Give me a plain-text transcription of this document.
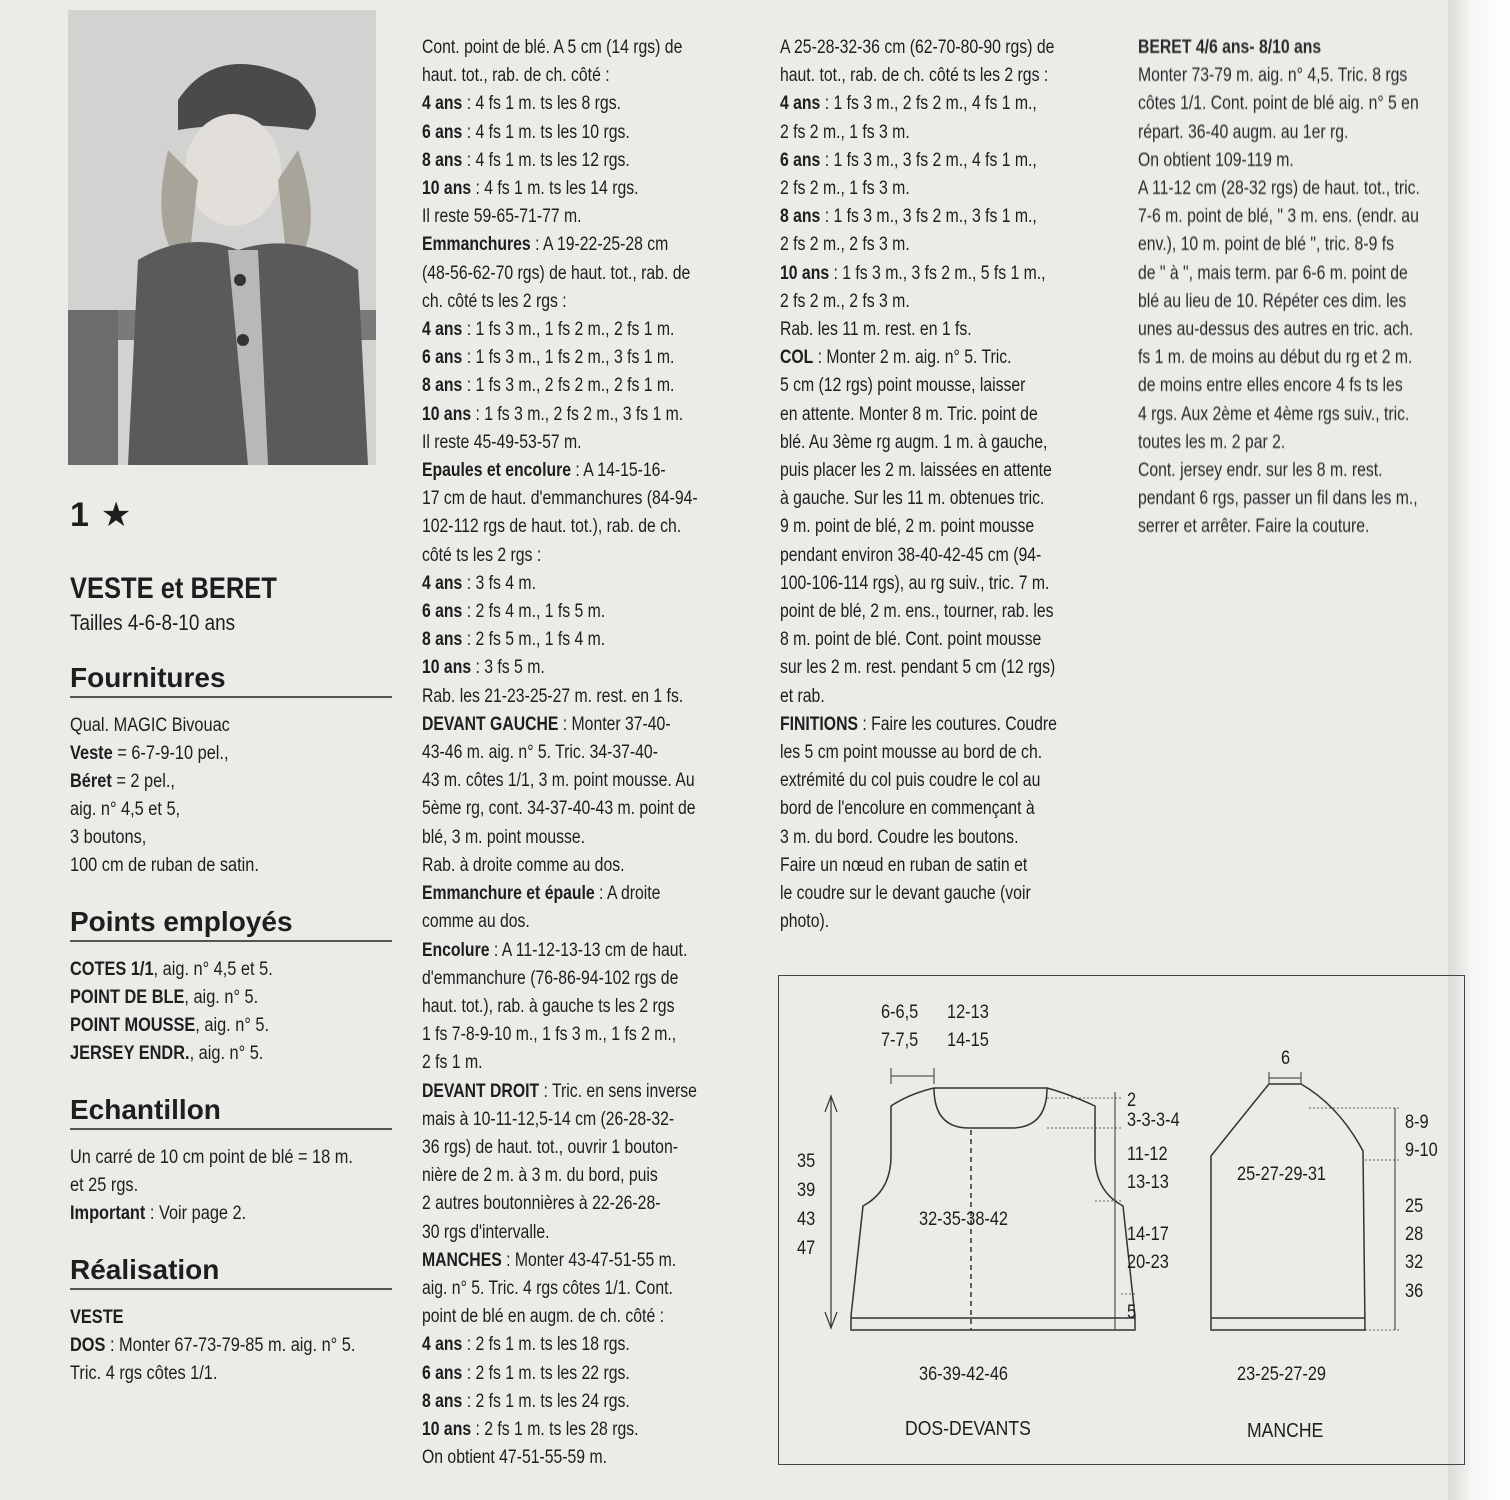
1 ★
VESTE et BERET
Tailles 4-6-8-10 ans
Fournitures
Qual. MAGIC Bivouac
Veste = 6-7-9-10 pel.,
Béret = 2 pel.,
aig. n° 4,5 et 5,
3 boutons,
100 cm de ruban de satin.
Points employés
COTES 1/1, aig. n° 4,5 et 5.
POINT DE BLE, aig. n° 5.
POINT MOUSSE, aig. n° 5.
JERSEY ENDR., aig. n° 5.
Echantillon
Un carré de 10 cm point de blé = 18 m.
et 25 rgs.
Important : Voir page 2.
Réalisation
VESTE
DOS : Monter 67-73-79-85 m. aig. n° 5.
Tric. 4 rgs côtes 1/1.
Cont. point de blé. A 5 cm (14 rgs) de
haut. tot., rab. de ch. côté :
4 ans : 4 fs 1 m. ts les 8 rgs.
6 ans : 4 fs 1 m. ts les 10 rgs.
8 ans : 4 fs 1 m. ts les 12 rgs.
10 ans : 4 fs 1 m. ts les 14 rgs.
Il reste 59-65-71-77 m.
Emmanchures : A 19-22-25-28 cm
(48-56-62-70 rgs) de haut. tot., rab. de
ch. côté ts les 2 rgs :
4 ans : 1 fs 3 m., 1 fs 2 m., 2 fs 1 m.
6 ans : 1 fs 3 m., 1 fs 2 m., 3 fs 1 m.
8 ans : 1 fs 3 m., 2 fs 2 m., 2 fs 1 m.
10 ans : 1 fs 3 m., 2 fs 2 m., 3 fs 1 m.
Il reste 45-49-53-57 m.
Epaules et encolure : A 14-15-16-
17 cm de haut. d'emmanchures (84-94-
102-112 rgs de haut. tot.), rab. de ch.
côté ts les 2 rgs :
4 ans : 3 fs 4 m.
6 ans : 2 fs 4 m., 1 fs 5 m.
8 ans : 2 fs 5 m., 1 fs 4 m.
10 ans : 3 fs 5 m.
Rab. les 21-23-25-27 m. rest. en 1 fs.
DEVANT GAUCHE : Monter 37-40-
43-46 m. aig. n° 5. Tric. 34-37-40-
43 m. côtes 1/1, 3 m. point mousse. Au
5ème rg, cont. 34-37-40-43 m. point de
blé, 3 m. point mousse.
Rab. à droite comme au dos.
Emmanchure et épaule : A droite
comme au dos.
Encolure : A 11-12-13-13 cm de haut.
d'emmanchure (76-86-94-102 rgs de
haut. tot.), rab. à gauche ts les 2 rgs
1 fs 7-8-9-10 m., 1 fs 3 m., 1 fs 2 m.,
2 fs 1 m.
DEVANT DROIT : Tric. en sens inverse
mais à 10-11-12,5-14 cm (26-28-32-
36 rgs) de haut. tot., ouvrir 1 bouton-
nière de 2 m. à 3 m. du bord, puis
2 autres boutonnières à 22-26-28-
30 rgs d'intervalle.
MANCHES : Monter 43-47-51-55 m.
aig. n° 5. Tric. 4 rgs côtes 1/1. Cont.
point de blé en augm. de ch. côté :
4 ans : 2 fs 1 m. ts les 18 rgs.
6 ans : 2 fs 1 m. ts les 22 rgs.
8 ans : 2 fs 1 m. ts les 24 rgs.
10 ans : 2 fs 1 m. ts les 28 rgs.
On obtient 47-51-55-59 m.
A 25-28-32-36 cm (62-70-80-90 rgs) de
haut. tot., rab. de ch. côté ts les 2 rgs :
4 ans : 1 fs 3 m., 2 fs 2 m., 4 fs 1 m.,
2 fs 2 m., 1 fs 3 m.
6 ans : 1 fs 3 m., 3 fs 2 m., 4 fs 1 m.,
2 fs 2 m., 1 fs 3 m.
8 ans : 1 fs 3 m., 3 fs 2 m., 3 fs 1 m.,
2 fs 2 m., 2 fs 3 m.
10 ans : 1 fs 3 m., 3 fs 2 m., 5 fs 1 m.,
2 fs 2 m., 2 fs 3 m.
Rab. les 11 m. rest. en 1 fs.
COL : Monter 2 m. aig. n° 5. Tric.
5 cm (12 rgs) point mousse, laisser
en attente. Monter 8 m. Tric. point de
blé. Au 3ème rg augm. 1 m. à gauche,
puis placer les 2 m. laissées en attente
à gauche. Sur les 11 m. obtenues tric.
9 m. point de blé, 2 m. point mousse
pendant environ 38-40-42-45 cm (94-
100-106-114 rgs), au rg suiv., tric. 7 m.
point de blé, 2 m. ens., tourner, rab. les
8 m. point de blé. Cont. point mousse
sur les 2 m. rest. pendant 5 cm (12 rgs)
et rab.
FINITIONS : Faire les coutures. Coudre
les 5 cm point mousse au bord de ch.
extrémité du col puis coudre le col au
bord de l'encolure en commençant à
3 m. du bord. Coudre les boutons.
Faire un nœud en ruban de satin et
le coudre sur le devant gauche (voir
photo).
BERET 4/6 ans- 8/10 ans
Monter 73-79 m. aig. n° 4,5. Tric. 8 rgs
côtes 1/1. Cont. point de blé aig. n° 5 en
répart. 36-40 augm. au 1er rg.
On obtient 109-119 m.
A 11-12 cm (28-32 rgs) de haut. tot., tric.
7-6 m. point de blé, " 3 m. ens. (endr. au
env.), 10 m. point de blé ", tric. 8-9 fs
de " à ", mais term. par 6-6 m. point de
blé au lieu de 10. Répéter ces dim. les
unes au-dessus des autres en tric. ach.
fs 1 m. de moins au début du rg et 2 m.
de moins entre elles encore 4 fs ts les
4 rgs. Aux 2ème et 4ème rgs suiv., tric.
toutes les m. 2 par 2.
Cont. jersey endr. sur les 8 m. rest.
pendant 6 rgs, passer un fil dans les m.,
serrer et arrêter. Faire la couture.
6-6,5
7-7,5
12-13
14-15
35
39
43
47
2
3-3-3-4
11-12
13-13
14-17
20-23
5
32-35-38-42
36-39-42-46
DOS-DEVANTS
6
8-9
9-10
25
28
32
36
25-27-29-31
23-25-27-29
MANCHE
